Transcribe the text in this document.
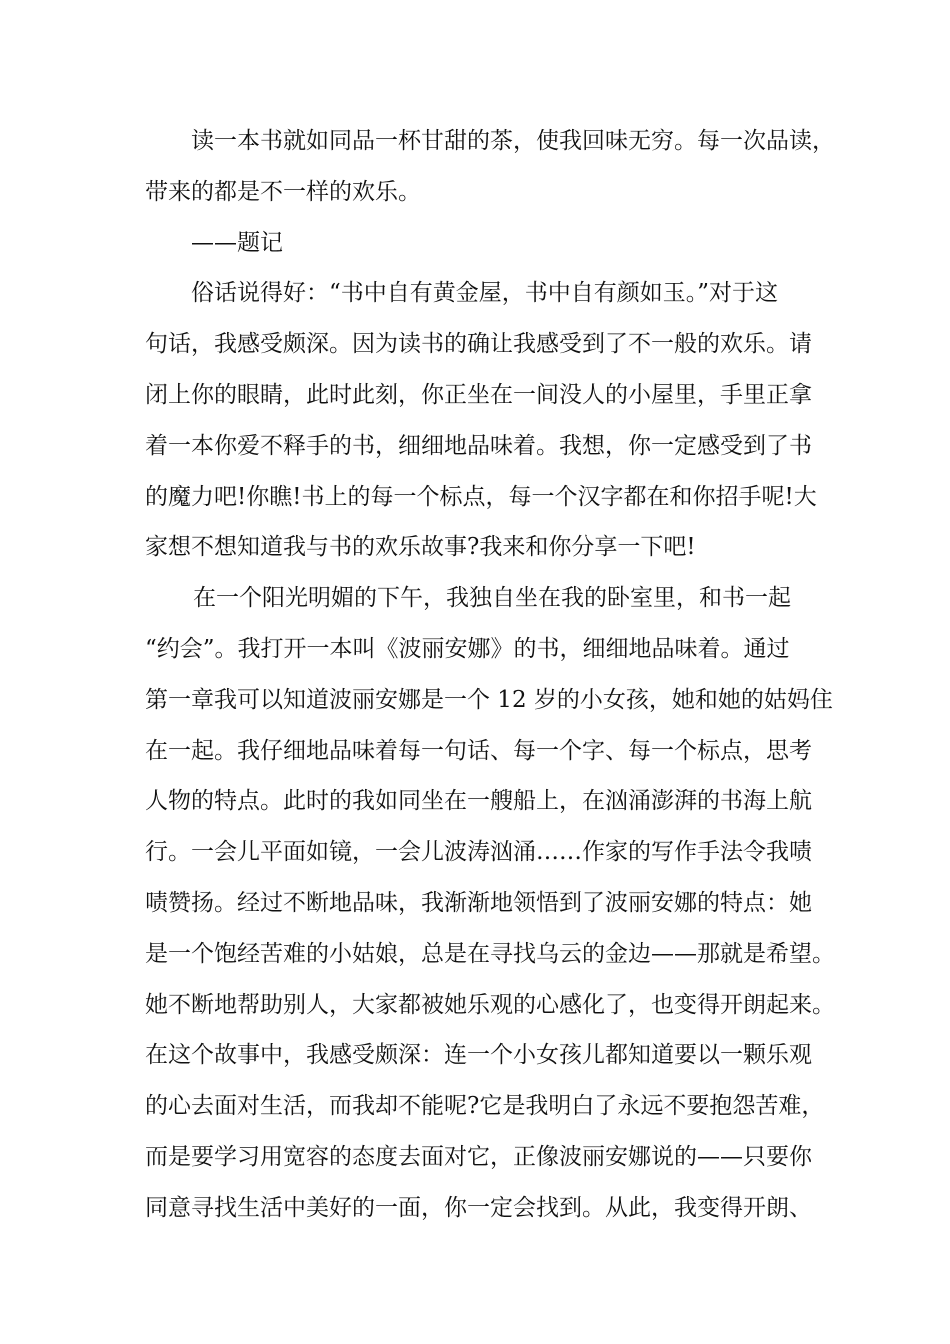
读一本书就如同品一杯甘甜的茶，使我回味无穷。每一次品读，
带来的都是不一样的欢乐。
——题记
俗话说得好：“书中自有黄金屋，书中自有颜如玉。”对于这
句话，我感受颇深。因为读书的确让我感受到了不一般的欢乐。请
闭上你的眼睛，此时此刻，你正坐在一间没人的小屋里，手里正拿
着一本你爱不释手的书，细细地品味着。我想，你一定感受到了书
的魔力吧!你瞧!书上的每一个标点，每一个汉字都在和你招手呢!大
家想不想知道我与书的欢乐故事?我来和你分享一下吧!
在一个阳光明媚的下午，我独自坐在我的卧室里，和书一起
“约会”。我打开一本叫《波丽安娜》的书，细细地品味着。通过
第一章我可以知道波丽安娜是一个 12 岁的小女孩，她和她的姑妈住
在一起。我仔细地品味着每一句话、每一个字、每一个标点，思考
人物的特点。此时的我如同坐在一艘船上，在汹涌澎湃的书海上航
行。一会儿平面如镜，一会儿波涛汹涌……作家的写作手法令我啧
啧赞扬。经过不断地品味，我渐渐地领悟到了波丽安娜的特点：她
是一个饱经苦难的小姑娘，总是在寻找乌云的金边——那就是希望。
她不断地帮助别人，大家都被她乐观的心感化了，也变得开朗起来。
在这个故事中，我感受颇深：连一个小女孩儿都知道要以一颗乐观
的心去面对生活，而我却不能呢?它是我明白了永远不要抱怨苦难，
而是要学习用宽容的态度去面对它，正像波丽安娜说的——只要你
同意寻找生活中美好的一面，你一定会找到。从此，我变得开朗、
